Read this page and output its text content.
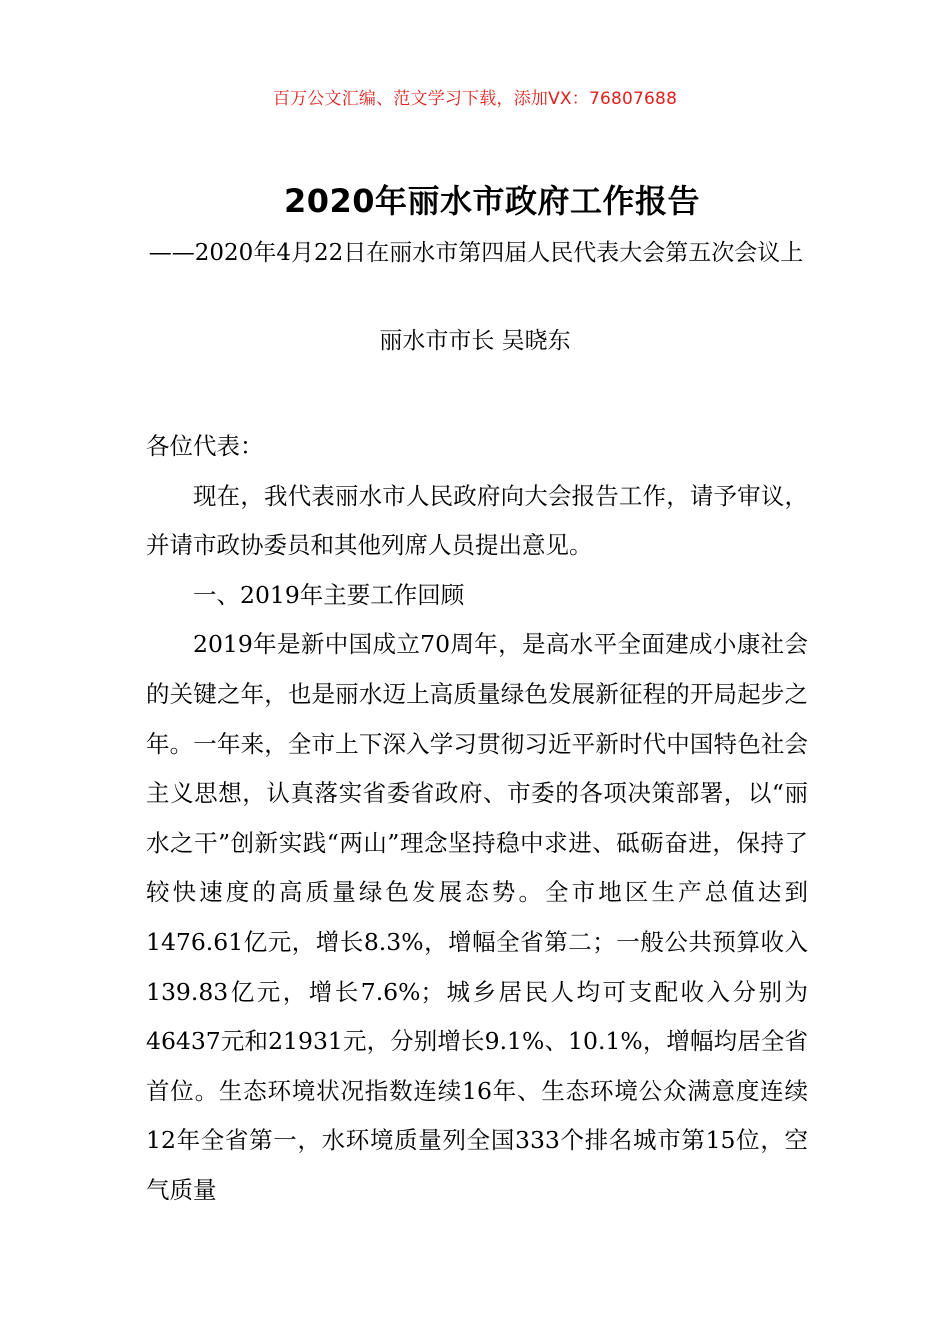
百万公文汇编、范文学习下载，添加VX：76807688
2020年丽水市政府工作报告
——2020年4月22日在丽水市第四届人民代表大会第五次会议上
丽水市市长 吴晓东

各位代表：

现在，我代表丽水市人民政府向大会报告工作，请予审议，并请市政协委员和其他列席人员提出意见。

一、2019年主要工作回顾

2019年是新中国成立70周年，是高水平全面建成小康社会的关键之年，也是丽水迈上高质量绿色发展新征程的开局起步之年。一年来，全市上下深入学习贯彻习近平新时代中国特色社会主义思想，认真落实省委省政府、市委的各项决策部署，以“丽水之干”创新实践“两山”理念坚持稳中求进、砥砺奋进，保持了较快速度的高质量绿色发展态势。全市地区生产总值达到1476.61亿元，增长8.3%，增幅全省第二；一般公共预算收入139.83亿元，增长7.6%；城乡居民人均可支配收入分别为46437元和21931元，分别增长9.1%、10.1%，增幅均居全省首位。生态环境状况指数连续16年、生态环境公众满意度连续12年全省第一，水环境质量列全国333个排名城市第15位，空气质量
